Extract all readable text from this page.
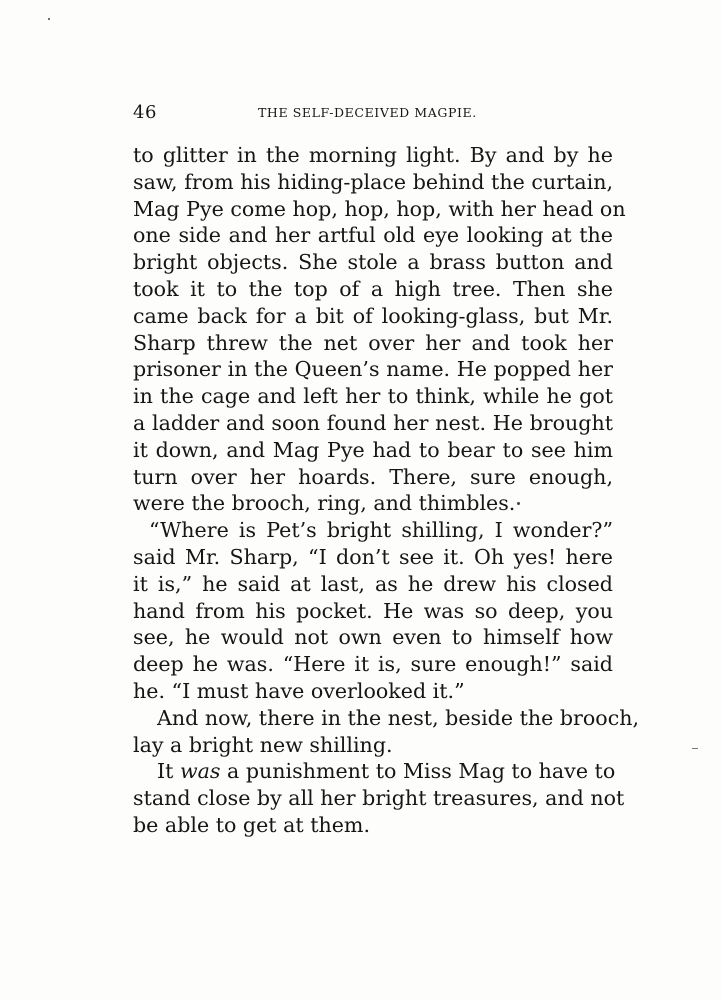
46	THE SELF-DECEIVED MAGPIE.

to glitter in the morning light. By and by he
saw, from his hiding-place behind the curtain,
Mag Pye come hop, hop, hop, with her head on
one side and her artful old eye looking at the
bright objects. She stole a brass button and
took it to the top of a high tree. Then she
came back for a bit of looking-glass, but Mr.
Sharp threw the net over her and took her
prisoner in the Queen’s name. He popped her
in the cage and left her to think, while he got
a ladder and soon found her nest. He brought
it down, and Mag Pye had to bear to see him
turn over her hoards. There, sure enough,
were the brooch, ring, and thimbles.

“Where is Pet’s bright shilling, I wonder?”
said Mr. Sharp, “I don’t see it. Oh yes! here
it is,” he said at last, as he drew his closed
hand from his pocket. He was so deep, you
see, he would not own even to himself how
deep he was. “Here it is, sure enough!” said
he. “I must have overlooked it.”

And now, there in the nest, beside the brooch,
lay a bright new shilling.

It was a punishment to Miss Mag to have to
stand close by all her bright treasures, and not
be able to get at them.
